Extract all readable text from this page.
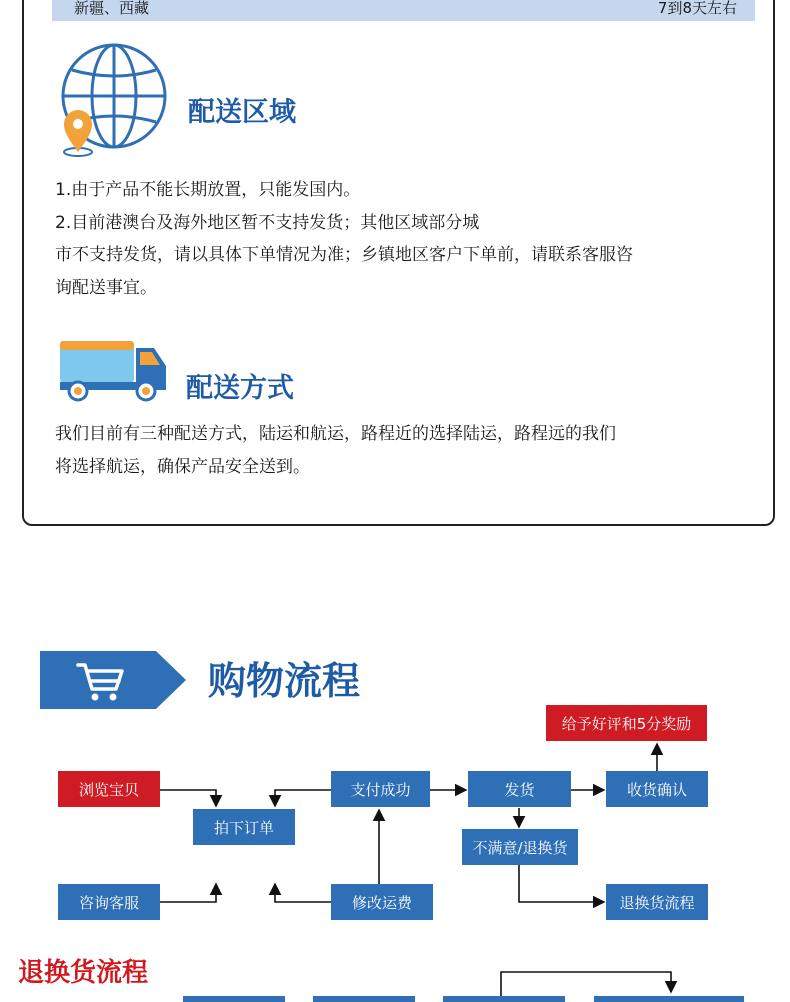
新疆、西藏	7到8天左右
配送区域
1.由于产品不能长期放置，只能发国内。
2.目前港澳台及海外地区暂不支持发货；其他区域部分城
市不支持发货，请以具体下单情况为准；乡镇地区客户下单前，请联系客服咨
询配送事宜。
配送方式
我们目前有三种配送方式，陆运和航运，路程近的选择陆运，路程远的我们
将选择航运，确保产品安全送到。
购物流程
浏览宝贝
咨询客服
拍下订单
支付成功
修改运费
发货
不满意/退换货
收货确认
给予好评和5分奖励
退换货流程
退换货流程
